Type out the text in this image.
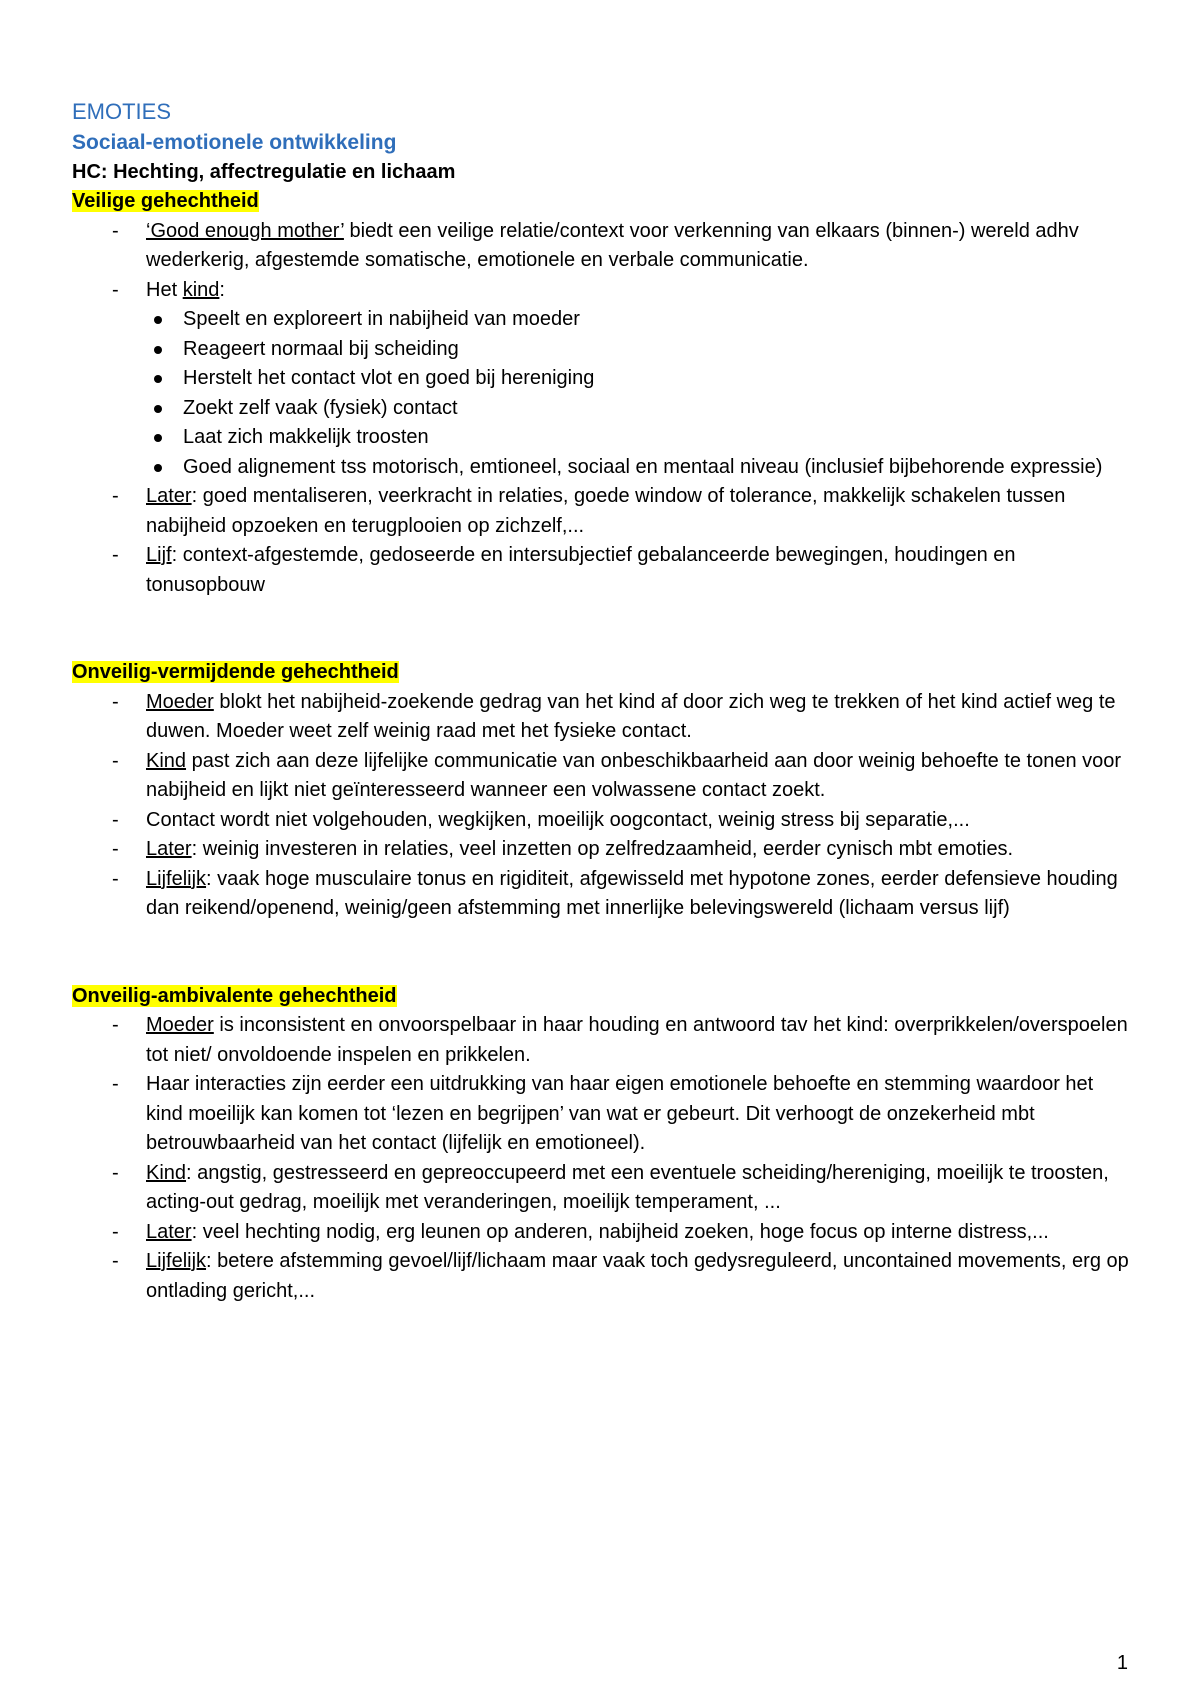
EMOTIES
Sociaal-emotionele ontwikkeling
HC: Hechting, affectregulatie en lichaam
Veilige gehechtheid
- ‘Good enough mother’ biedt een veilige relatie/context voor verkenning van elkaars (binnen-) wereld adhv wederkerig, afgestemde somatische, emotionele en verbale communicatie.
- Het kind:
Speelt en exploreert in nabijheid van moeder
Reageert normaal bij scheiding
Herstelt het contact vlot en goed bij hereniging
Zoekt zelf vaak (fysiek) contact
Laat zich makkelijk troosten
Goed alignement tss motorisch, emtioneel, sociaal en mentaal niveau (inclusief bijbehorende expressie)
- Later: goed mentaliseren, veerkracht in relaties, goede window of tolerance, makkelijk schakelen tussen nabijheid opzoeken en terugplooien op zichzelf,...
- Lijf: context-afgestemde, gedoseerde en intersubjectief gebalanceerde bewegingen, houdingen en tonusopbouw
Onveilig-vermijdende gehechtheid
- Moeder blokt het nabijheid-zoekende gedrag van het kind af door zich weg te trekken of het kind actief weg te duwen. Moeder weet zelf weinig raad met het fysieke contact.
- Kind past zich aan deze lijfelijke communicatie van onbeschikbaarheid aan door weinig behoefte te tonen voor nabijheid en lijkt niet geïnteresseerd wanneer een volwassene contact zoekt.
- Contact wordt niet volgehouden, wegkijken, moeilijk oogcontact, weinig stress bij separatie,...
- Later: weinig investeren in relaties, veel inzetten op zelfredzaamheid, eerder cynisch mbt emoties.
- Lijfelijk: vaak hoge musculaire tonus en rigiditeit, afgewisseld met hypotone zones, eerder defensieve houding dan reikend/openend, weinig/geen afstemming met innerlijke belevingswereld (lichaam versus lijf)
Onveilig-ambivalente gehechtheid
- Moeder is inconsistent en onvoorspelbaar in haar houding en antwoord tav het kind: overprikkelen/overspoelen tot niet/ onvoldoende inspelen en prikkelen.
- Haar interacties zijn eerder een uitdrukking van haar eigen emotionele behoefte en stemming waardoor het kind moeilijk kan komen tot ‘lezen en begrijpen’ van wat er gebeurt. Dit verhoogt de onzekerheid mbt betrouwbaarheid van het contact (lijfelijk en emotioneel).
- Kind: angstig, gestresseerd en gepreoccupeerd met een eventuele scheiding/hereniging, moeilijk te troosten, acting-out gedrag, moeilijk met veranderingen, moeilijk temperament, ...
- Later: veel hechting nodig, erg leunen op anderen, nabijheid zoeken, hoge focus op interne distress,...
- Lijfelijk: betere afstemming gevoel/lijf/lichaam maar vaak toch gedysreguleerd, uncontained movements, erg op ontlading gericht,...
1
